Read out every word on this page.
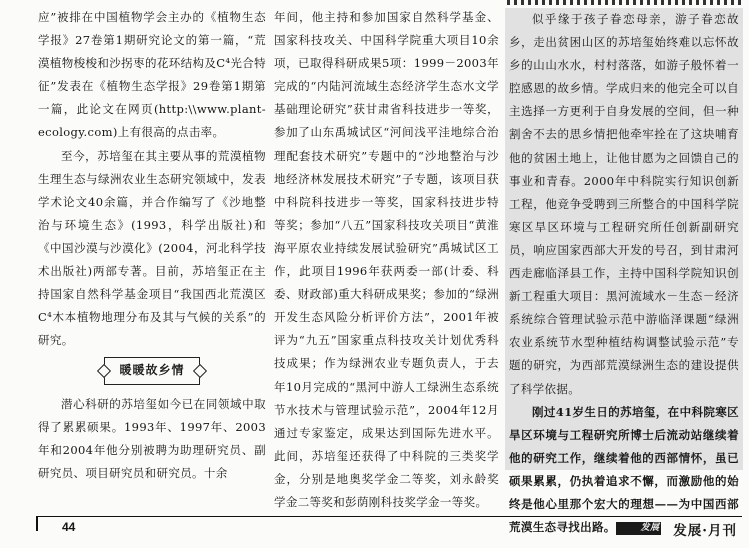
应”被排在中国植物学会主办的《植物生态学报》27卷第1期研究论文的第一篇，“荒漠植物梭梭和沙拐枣的花环结构及C⁴光合特征”发表在《植物生态学报》29卷第1期第一篇，此论文在网页(http:\\www.plant-ecology.com)上有很高的点击率。

至今，苏培玺在其主要从事的荒漠植物生理生态与绿洲农业生态研究领域中，发表学术论文40余篇，并合作编写了《沙地整治与环境生态》(1993，科学出版社)和《中国沙漠与沙漠化》(2004，河北科学技术出版社)两部专著。目前，苏培玺正在主持国家自然科学基金项目“我国西北荒漠区C⁴木本植物地理分布及其与气候的关系”的研究。

暖暖故乡情

潜心科研的苏培玺如今已在同领域中取得了累累硕果。1993年、1997年、2003年和2004年他分别被聘为助理研究员、副研究员、项目研究员和研究员。十余

年间，他主持和参加国家自然科学基金、国家科技攻关、中国科学院重大项目10余项，已取得科研成果5项：1999－2003年完成的“内陆河流域生态经济学生态水文学基础理论研究”获甘肃省科技进步一等奖，参加了山东禹城试区“河间浅平洼地综合治理配套技术研究”专题中的“沙地整治与沙地经济林发展技术研究”子专题，该项目获中科院科技进步一等奖，国家科技进步特等奖；参加“八五”国家科技攻关项目“黄淮海平原农业持续发展试验研究”禹城试区工作，此项目1996年获两委一部(计委、科委、财政部)重大科研成果奖；参加的“绿洲开发生态风险分析评价方法”，2001年被评为“九五”国家重点科技攻关计划优秀科技成果；作为绿洲农业专题负责人，于去年10月完成的“黑河中游人工绿洲生态系统节水技术与管理试验示范”，2004年12月通过专家鉴定，成果达到国际先进水平。此间，苏培玺还获得了中科院的三类奖学金，分别是地奥奖学金二等奖，刘永龄奖学金二等奖和彭荫刚科技奖学金一等奖。

似乎缘于孩子眷恋母亲，游子眷恋故乡，走出贫困山区的苏培玺始终难以忘怀故乡的山山水水，村村落落，如游子般怀着一腔感恩的故乡情。学成归来的他完全可以自主选择一方更利于自身发展的空间，但一种割舍不去的思乡情把他牵牢拴在了这块哺育他的贫困土地上，让他甘愿为之回馈自己的事业和青春。2000年中科院实行知识创新工程，他竞争受聘到三所整合的中国科学院寒区旱区环境与工程研究所任创新副研究员，响应国家西部大开发的号召，到甘肃河西走廊临泽县工作，主持中国科学院知识创新工程重大项目：黑河流域水－生态－经济系统综合管理试验示范中游临泽课题“绿洲农业系统节水型种植结构调整试验示范”专题的研究，为西部荒漠绿洲生态的建设提供了科学依据。

刚过41岁生日的苏培玺，在中科院寒区旱区环境与工程研究所博士后流动站继续着他的研究工作，继续着他的西部情怀，虽已硕果累累，仍执着追求不懈，而激励他的始终是他心里那个宏大的理想——为中国西部荒漠生态寻找出路。	发展

44	发展·月刊
